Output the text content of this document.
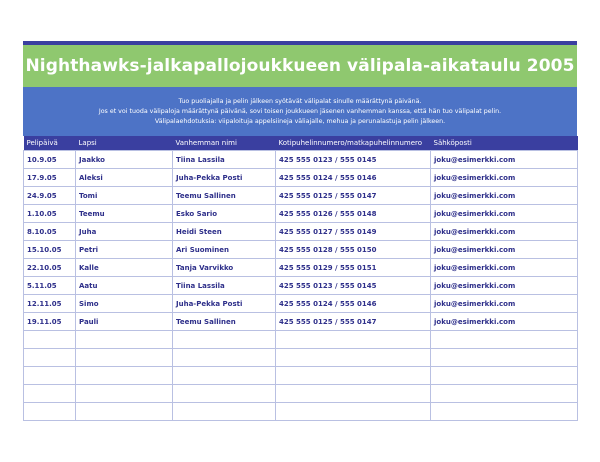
Nighthawks-jalkapallojoukkueen välipala-aikataulu 2005

Tuo puoliajalla ja pelin jälkeen syötävät välipalat sinulle määrättynä päivänä.

Jos et voi tuoda välipaloja määrättynä päivänä, sovi toisen joukkueen jäsenen vanhemman kanssa, että hän tuo välipalat pelin.

Välipalaehdotuksia: viipaloituja appelsiineja väliajalle, mehua ja perunalastuja pelin jälkeen.

Pelipäivä	Lapsi	Vanhemman nimi	Kotipuhelinnumero/matkapuhelinnumero	Sähköposti
10.9.05	Jaakko	Tiina Lassila	425 555 0123 / 555 0145	joku@esimerkki.com
17.9.05	Aleksi	Juha-Pekka Posti	425 555 0124 / 555 0146	joku@esimerkki.com
24.9.05	Tomi	Teemu Sallinen	425 555 0125 / 555 0147	joku@esimerkki.com
1.10.05	Teemu	Esko Sario	425 555 0126 / 555 0148	joku@esimerkki.com
8.10.05	Juha	Heidi Steen	425 555 0127 / 555 0149	joku@esimerkki.com
15.10.05	Petri	Ari Suominen	425 555 0128 / 555 0150	joku@esimerkki.com
22.10.05	Kalle	Tanja Varvikko	425 555 0129 / 555 0151	joku@esimerkki.com
5.11.05	Aatu	Tiina Lassila	425 555 0123 / 555 0145	joku@esimerkki.com
12.11.05	Simo	Juha-Pekka Posti	425 555 0124 / 555 0146	joku@esimerkki.com
19.11.05	Pauli	Teemu Sallinen	425 555 0125 / 555 0147	joku@esimerkki.com
